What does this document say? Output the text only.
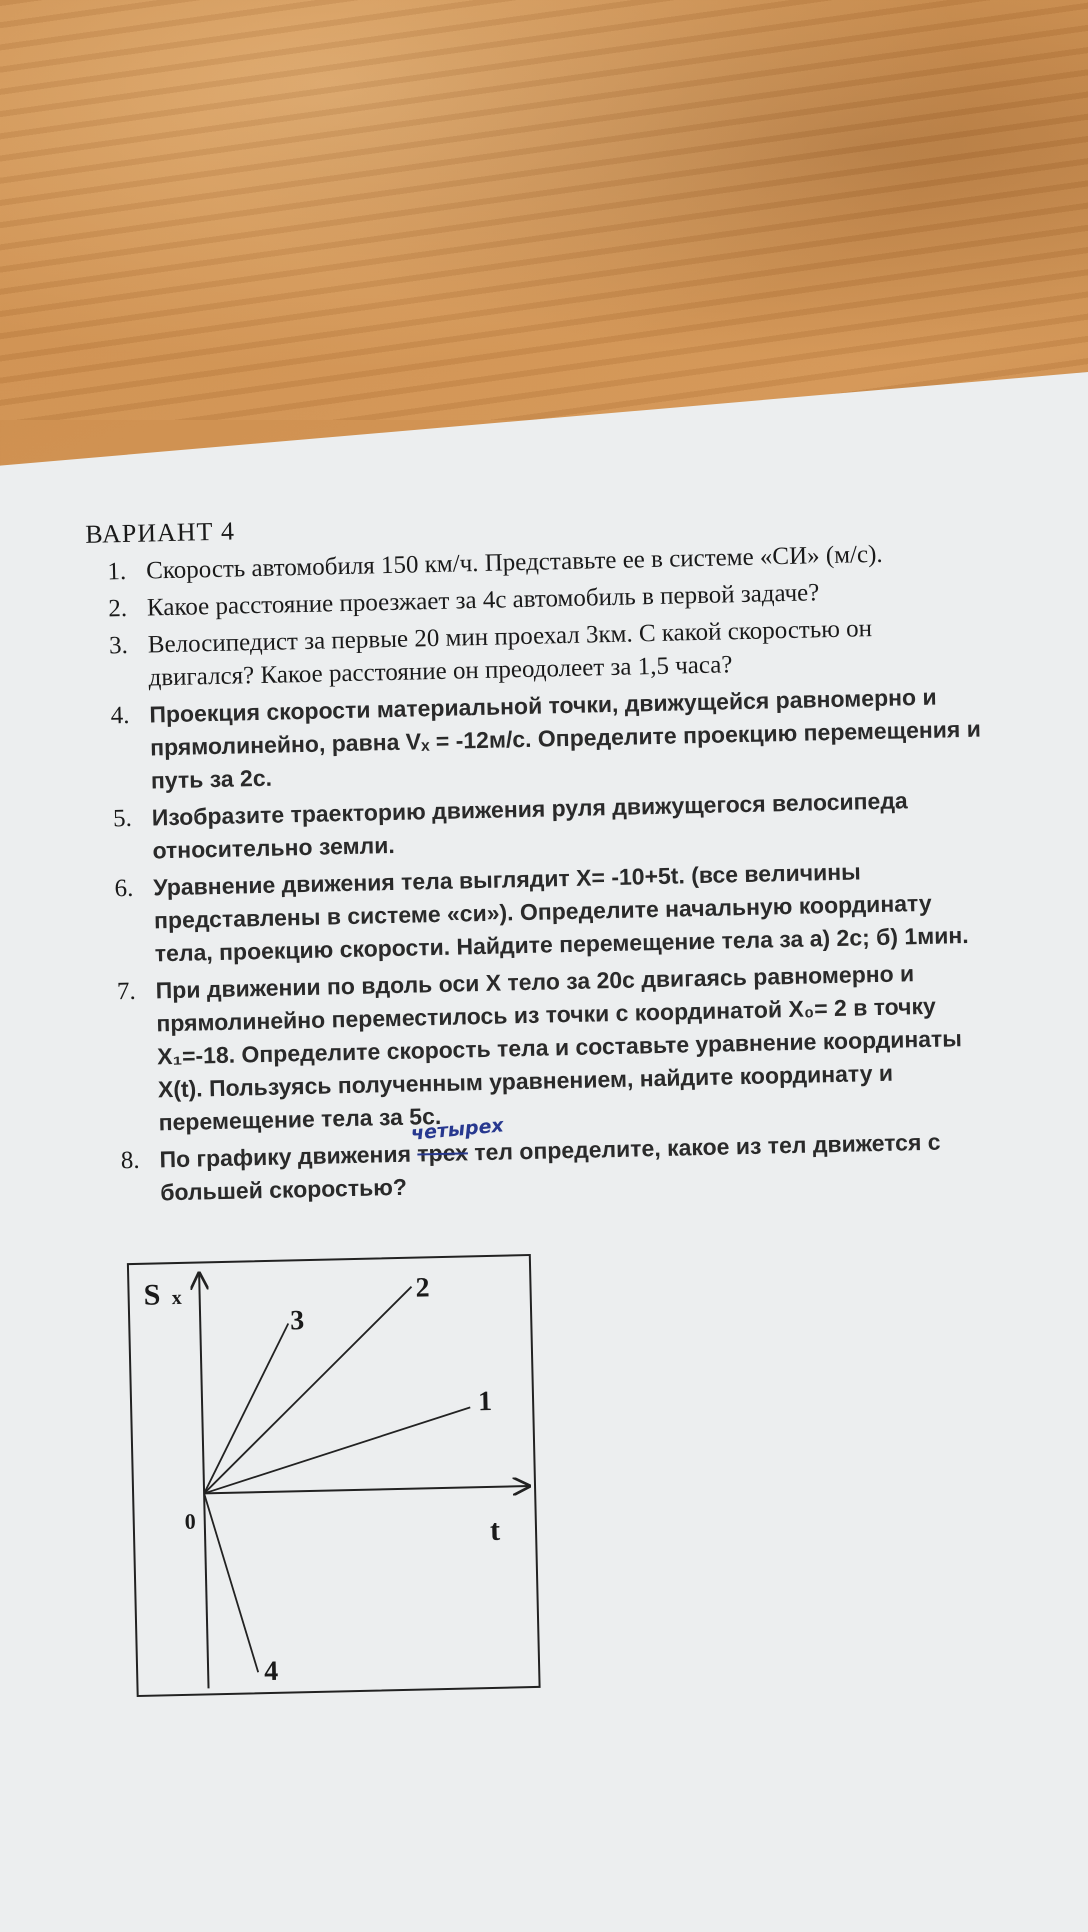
ВАРИАНТ 4
1. Скорость автомобиля 150 км/ч. Представьте ее в системе «СИ» (м/с).
2. Какое расстояние проезжает за 4с автомобиль в первой задаче?
3. Велосипедист за первые 20 мин проехал 3км. С какой скоростью он двигался? Какое расстояние он преодолеет за 1,5 часа?
4. Проекция скорости материальной точки, движущейся равномерно и прямолинейно, равна Vₓ = -12м/с. Определите проекцию перемещения и путь за 2с.
5. Изобразите траекторию движения руля движущегося велосипеда относительно земли.
6. Уравнение движения тела выглядит X= -10+5t. (все величины представлены в системе «си»). Определите начальную координату тела, проекцию скорости. Найдите перемещение тела за а) 2с; б) 1мин.
7. При движении по вдоль оси X тело за 20с двигаясь равномерно и прямолинейно переместилось из точки с координатой X₀= 2 в точку X₁=-18. Определите скорость тела и составьте уравнение координаты X(t). Пользуясь полученным уравнением, найдите координату и перемещение тела за 5с.
8. По графику движения трех
четырех
тел определите, какое из тел движется с большей скоростью?
S x
0	t
1
2
3
4
